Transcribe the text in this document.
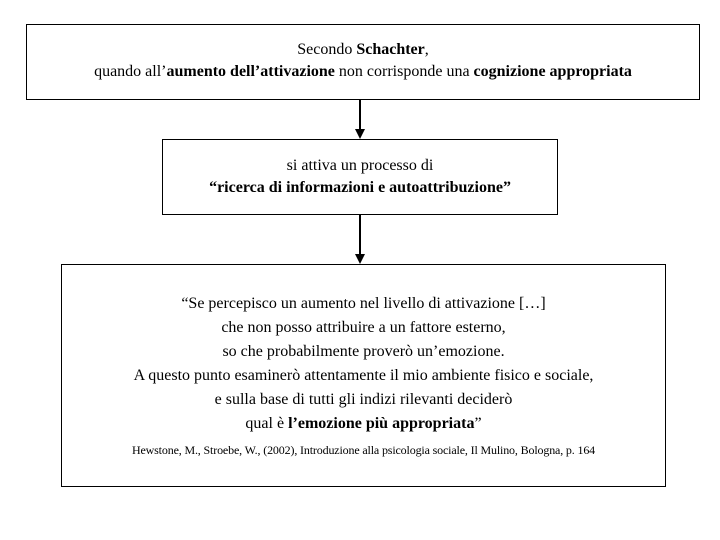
Secondo Schachter,
quando all’aumento dell’attivazione non corrisponde una cognizione appropriata
si attiva un processo di
“ricerca di informazioni e autoattribuzione”
“Se percepisco un aumento nel livello di attivazione […]
che non posso attribuire a un fattore esterno,
so che probabilmente proverò un’emozione.
A questo punto esaminerò attentamente il mio ambiente fisico e sociale,
e sulla base di tutti gli indizi rilevanti deciderò
qual è l’emozione più appropriata”
Hewstone, M., Stroebe, W., (2002), Introduzione alla psicologia sociale, Il Mulino, Bologna, p. 164
